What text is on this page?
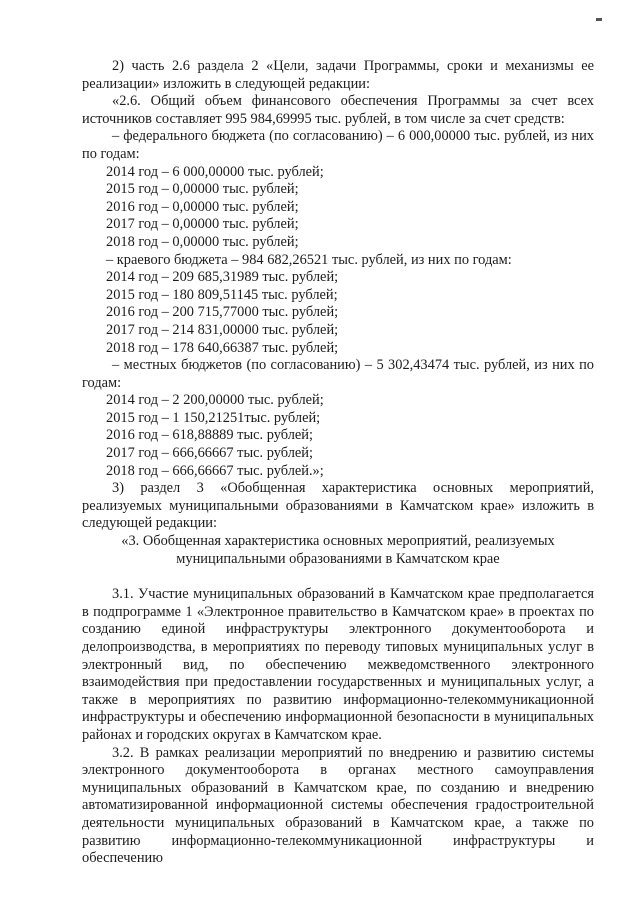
2) часть 2.6 раздела 2 «Цели, задачи Программы, сроки и механизмы ее реализации» изложить в следующей редакции:

«2.6. Общий объем финансового обеспечения Программы за счет всех источников составляет 995 984,69995 тыс. рублей, в том числе за счет средств:

– федерального бюджета (по согласованию) – 6 000,00000 тыс. рублей, из них по годам:

2014 год – 6 000,00000 тыс. рублей;

2015 год – 0,00000 тыс. рублей;

2016 год – 0,00000 тыс. рублей;

2017 год – 0,00000 тыс. рублей;

2018 год – 0,00000 тыс. рублей;

– краевого бюджета – 984 682,26521 тыс. рублей, из них по годам:

2014 год – 209 685,31989 тыс. рублей;

2015 год – 180 809,51145 тыс. рублей;

2016 год – 200 715,77000 тыс. рублей;

2017 год – 214 831,00000 тыс. рублей;

2018 год – 178 640,66387 тыс. рублей;

– местных бюджетов (по согласованию) – 5 302,43474 тыс. рублей, из них по годам:

2014 год – 2 200,00000 тыс. рублей;

2015 год – 1 150,21251тыс. рублей;

2016 год – 618,88889 тыс. рублей;

2017 год – 666,66667 тыс. рублей;

2018 год – 666,66667 тыс. рублей.»;

3) раздел 3 «Обобщенная характеристика основных мероприятий, реализуемых муниципальными образованиями в Камчатском крае» изложить в следующей редакции:

«3. Обобщенная характеристика основных мероприятий, реализуемых

муниципальными образованиями в Камчатском крае

3.1. Участие муниципальных образований в Камчатском крае предполагается в подпрограмме 1 «Электронное правительство в Камчатском крае» в проектах по созданию единой инфраструктуры электронного документооборота и делопроизводства, в мероприятиях по переводу типовых муниципальных услуг в электронный вид, по обеспечению межведомственного электронного взаимодействия при предоставлении государственных и муниципальных услуг, а также в мероприятиях по развитию информационно-телекоммуникационной инфраструктуры и обеспечению информационной безопасности в муниципальных районах и городских округах в Камчатском крае.

3.2. В рамках реализации мероприятий по внедрению и развитию системы электронного документооборота в органах местного самоуправления муниципальных образований в Камчатском крае, по созданию и внедрению автоматизированной информационной системы обеспечения градостроительной деятельности муниципальных образований в Камчатском крае, а также по развитию информационно-телекоммуникационной инфраструктуры и обеспечению
